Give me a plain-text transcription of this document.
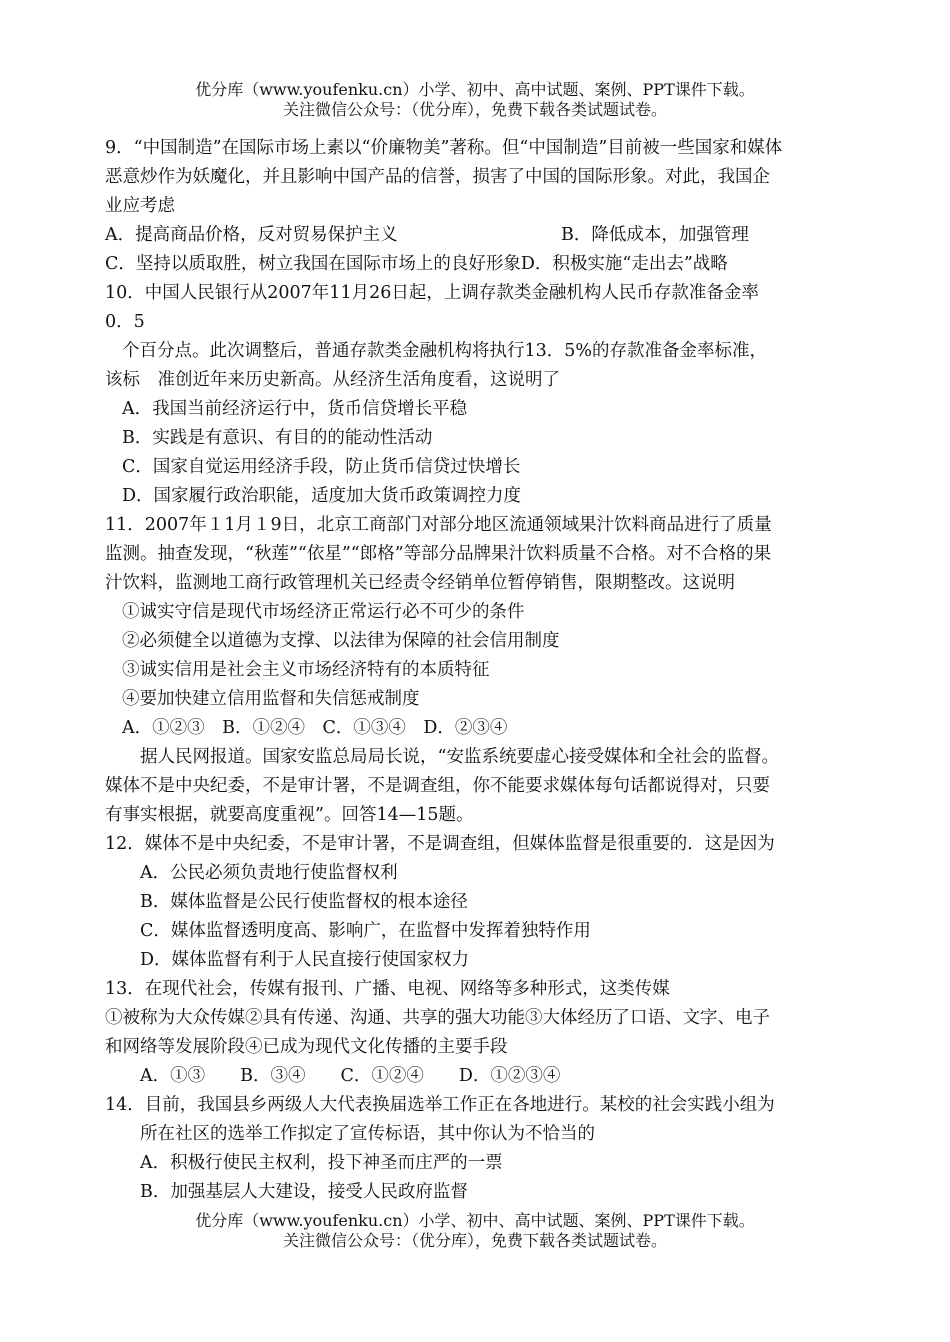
优分库（www.youfenku.cn）小学、初中、高中试题、案例、PPT课件下载。
关注微信公众号：（优分库），免费下载各类试题试卷。
9．“中国制造”在国际市场上素以“价廉物美”著称。但“中国制造”目前被一些国家和媒体
恶意炒作为妖魔化，并且影响中国产品的信誉，损害了中国的国际形象。对此，我国企
业应考虑
A．提高商品价格，反对贸易保护主义	B．降低成本，加强管理
C．坚持以质取胜，树立我国在国际市场上的良好形象D．积极实施“走出去”战略
10．中国人民银行从2007年11月26日起，上调存款类金融机构人民币存款准备金率
0．5
个百分点。此次调整后，普通存款类金融机构将执行13．5%的存款准备金率标准，
该标　准创近年来历史新高。从经济生活角度看，这说明了
A．我国当前经济运行中，货币信贷增长平稳
B．实践是有意识、有目的的能动性活动
C．国家自觉运用经济手段，防止货币信贷过快增长
D．国家履行政治职能，适度加大货币政策调控力度
11．2007年１1月１9日，北京工商部门对部分地区流通领域果汁饮料商品进行了质量
监测。抽查发现，“秋莲”“依星”“郎格”等部分品牌果汁饮料质量不合格。对不合格的果
汁饮料，监测地工商行政管理机关已经责令经销单位暂停销售，限期整改。这说明
①诚实守信是现代市场经济正常运行必不可少的条件
②必须健全以道德为支撑、以法律为保障的社会信用制度
③诚实信用是社会主义市场经济特有的本质特征
④要加快建立信用监督和失信惩戒制度
A．①②③　B．①②④　C．①③④　D．②③④
据人民网报道。国家安监总局局长说，“安监系统要虚心接受媒体和全社会的监督。
媒体不是中央纪委，不是审计署，不是调查组，你不能要求媒体每句话都说得对，只要
有事实根据，就要高度重视”。回答14—15题。
12．媒体不是中央纪委，不是审计署，不是调查组，但媒体监督是很重要的．这是因为
A．公民必须负责地行使监督权利
B．媒体监督是公民行使监督权的根本途径
C．媒体监督透明度高、影响广，在监督中发挥着独特作用
D．媒体监督有利于人民直接行使国家权力
13．在现代社会，传媒有报刊、广播、电视、网络等多种形式，这类传媒
①被称为大众传媒②具有传递、沟通、共享的强大功能③大体经历了口语、文字、电子
和网络等发展阶段④已成为现代文化传播的主要手段
A．①③　　B．③④　　C．①②④　　D．①②③④
14．目前，我国县乡两级人大代表换届选举工作正在各地进行。某校的社会实践小组为
所在社区的选举工作拟定了宣传标语，其中你认为不恰当的
A．积极行使民主权利，投下神圣而庄严的一票
B．加强基层人大建设，接受人民政府监督
优分库（www.youfenku.cn）小学、初中、高中试题、案例、PPT课件下载。
关注微信公众号：（优分库），免费下载各类试题试卷。
